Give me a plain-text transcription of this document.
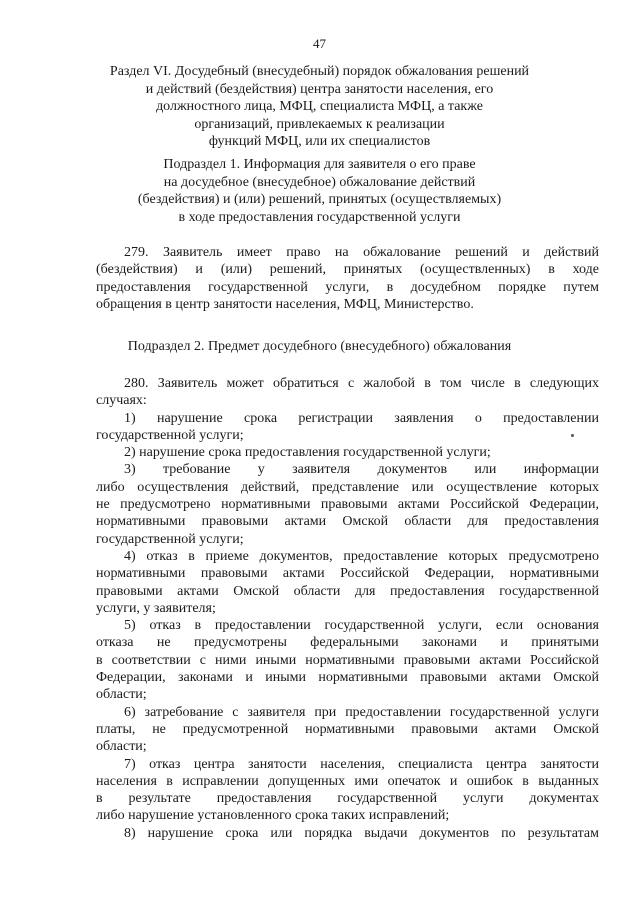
47
Раздел VI. Досудебный (внесудебный) порядок обжалования решений
и действий (бездействия) центра занятости населения, его
должностного лица, МФЦ, специалиста МФЦ, а также
организаций, привлекаемых к реализации
функций МФЦ, или их специалистов
Подраздел 1. Информация для заявителя о его праве
на досудебное (внесудебное) обжалование действий
(бездействия) и (или) решений, принятых (осуществляемых)
в ходе предоставления государственной услуги
279. Заявитель имеет право на обжалование решений и действий
(бездействия) и (или) решений, принятых (осуществленных) в ходе
предоставления государственной услуги, в досудебном порядке путем
обращения в центр занятости населения, МФЦ, Министерство.
Подраздел 2. Предмет досудебного (внесудебного) обжалования
280. Заявитель может обратиться с жалобой в том числе в следующих
случаях:
1) нарушение срока регистрации заявления о предоставлении
государственной услуги;
2) нарушение срока предоставления государственной услуги;
3) требование у заявителя документов или информации
либо осуществления действий, представление или осуществление которых
не предусмотрено нормативными правовыми актами Российской Федерации,
нормативными правовыми актами Омской области для предоставления
государственной услуги;
4) отказ в приеме документов, предоставление которых предусмотрено
нормативными правовыми актами Российской Федерации, нормативными
правовыми актами Омской области для предоставления государственной
услуги, у заявителя;
5) отказ в предоставлении государственной услуги, если основания
отказа не предусмотрены федеральными законами и принятыми
в соответствии с ними иными нормативными правовыми актами Российской
Федерации, законами и иными нормативными правовыми актами Омской
области;
6) затребование с заявителя при предоставлении государственной услуги
платы, не предусмотренной нормативными правовыми актами Омской
области;
7) отказ центра занятости населения, специалиста центра занятости
населения в исправлении допущенных ими опечаток и ошибок в выданных
в результате предоставления государственной услуги документах
либо нарушение установленного срока таких исправлений;
8) нарушение срока или порядка выдачи документов по результатам
